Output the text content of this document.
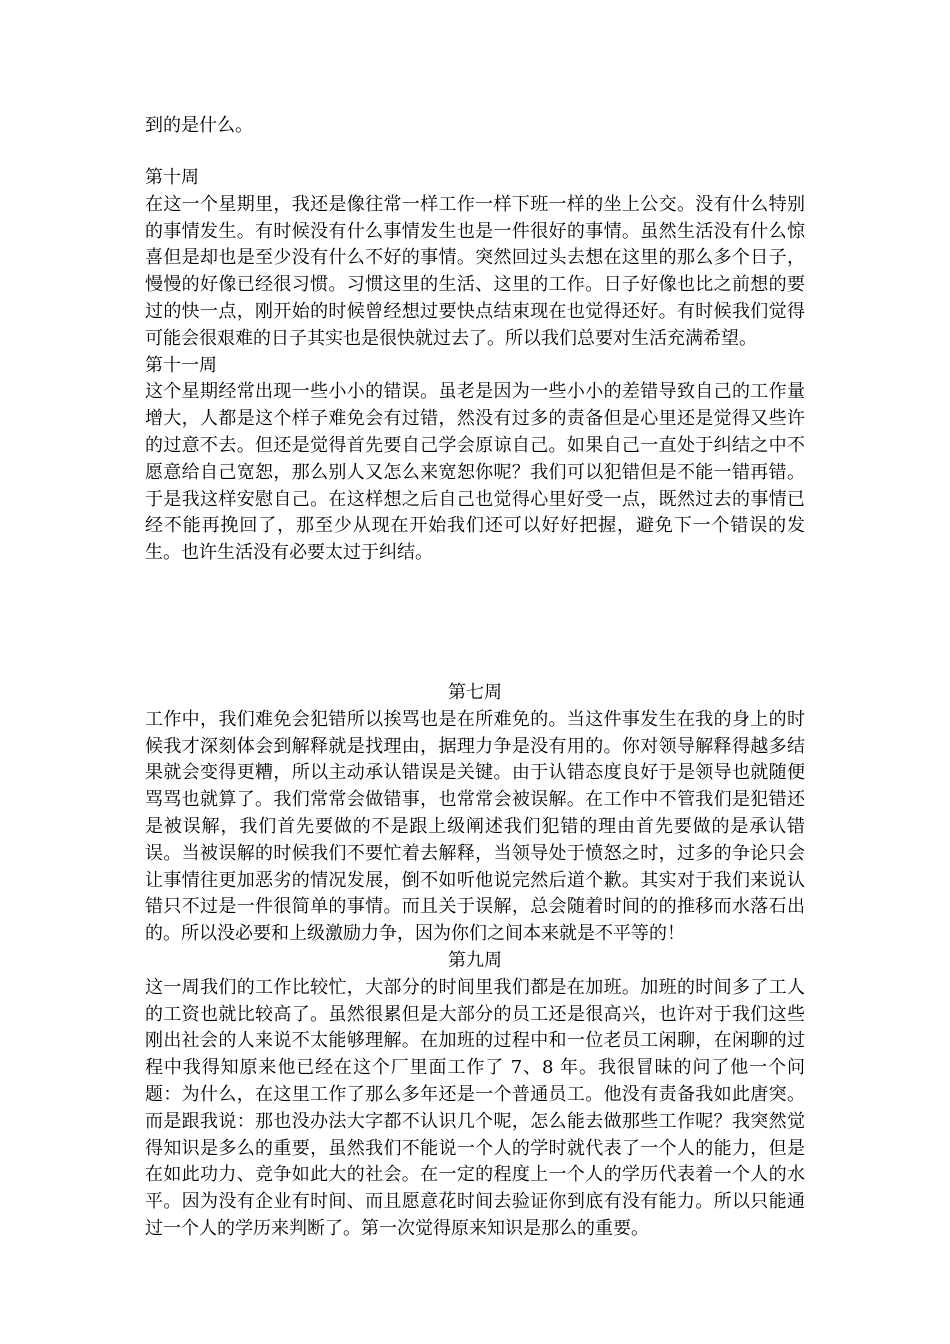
到的是什么。

第十周

在这一个星期里，我还是像往常一样工作一样下班一样的坐上公交。没有什么特别的事情发生。有时候没有什么事情发生也是一件很好的事情。虽然生活没有什么惊喜但是却也是至少没有什么不好的事情。突然回过头去想在这里的那么多个日子，慢慢的好像已经很习惯。习惯这里的生活、这里的工作。日子好像也比之前想的要过的快一点，刚开始的时候曾经想过要快点结束现在也觉得还好。有时候我们觉得可能会很艰难的日子其实也是很快就过去了。所以我们总要对生活充满希望。

第十一周

这个星期经常出现一些小小的错误。虽老是因为一些小小的差错导致自己的工作量增大，人都是这个样子难免会有过错，然没有过多的责备但是心里还是觉得又些许的过意不去。但还是觉得首先要自己学会原谅自己。如果自己一直处于纠结之中不愿意给自己宽恕，那么别人又怎么来宽恕你呢？我们可以犯错但是不能一错再错。于是我这样安慰自己。在这样想之后自己也觉得心里好受一点，既然过去的事情已经不能再挽回了，那至少从现在开始我们还可以好好把握，避免下一个错误的发生。也许生活没有必要太过于纠结。

第七周

工作中，我们难免会犯错所以挨骂也是在所难免的。当这件事发生在我的身上的时候我才深刻体会到解释就是找理由，据理力争是没有用的。你对领导解释得越多结果就会变得更糟，所以主动承认错误是关键。由于认错态度良好于是领导也就随便骂骂也就算了。我们常常会做错事，也常常会被误解。在工作中不管我们是犯错还是被误解，我们首先要做的不是跟上级阐述我们犯错的理由首先要做的是承认错误。当被误解的时候我们不要忙着去解释，当领导处于愤怒之时，过多的争论只会让事情往更加恶劣的情况发展，倒不如听他说完然后道个歉。其实对于我们来说认错只不过是一件很简单的事情。而且关于误解，总会随着时间的的推移而水落石出的。所以没必要和上级激励力争，因为你们之间本来就是不平等的！

第九周

这一周我们的工作比较忙，大部分的时间里我们都是在加班。加班的时间多了工人的工资也就比较高了。虽然很累但是大部分的员工还是很高兴，也许对于我们这些刚出社会的人来说不太能够理解。在加班的过程中和一位老员工闲聊，在闲聊的过程中我得知原来他已经在这个厂里面工作了 7、8 年。我很冒昧的问了他一个问题：为什么，在这里工作了那么多年还是一个普通员工。他没有责备我如此唐突。而是跟我说：那也没办法大字都不认识几个呢，怎么能去做那些工作呢？我突然觉得知识是多么的重要，虽然我们不能说一个人的学时就代表了一个人的能力，但是在如此功力、竞争如此大的社会。在一定的程度上一个人的学历代表着一个人的水平。因为没有企业有时间、而且愿意花时间去验证你到底有没有能力。所以只能通过一个人的学历来判断了。第一次觉得原来知识是那么的重要。
